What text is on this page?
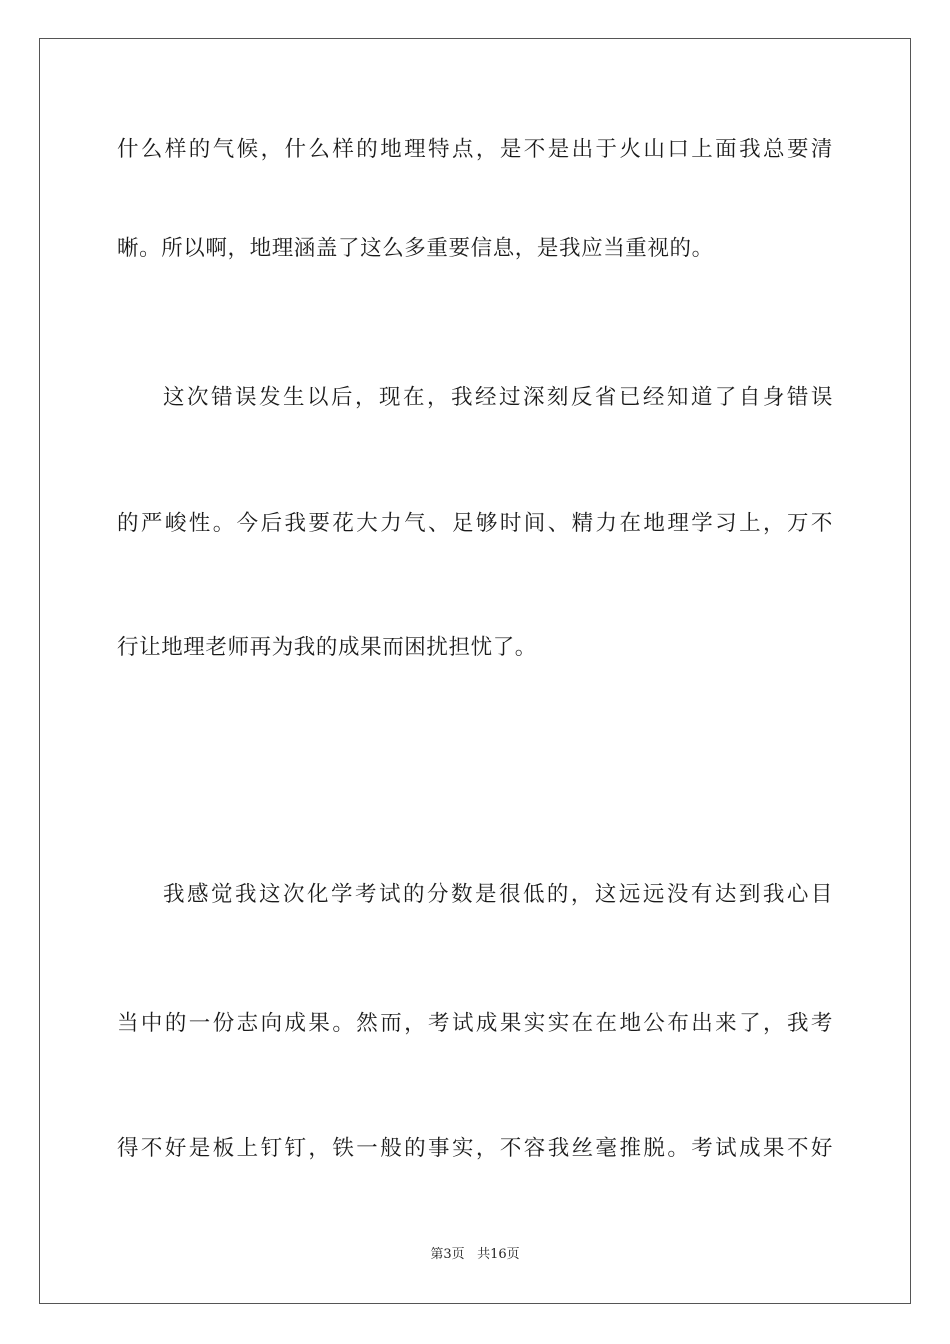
什么样的气候，什么样的地理特点，是不是出于火山口上面我总要清
晰。所以啊，地理涵盖了这么多重要信息，是我应当重视的。
这次错误发生以后，现在，我经过深刻反省已经知道了自身错误
的严峻性。今后我要花大力气、足够时间、精力在地理学习上，万不
行让地理老师再为我的成果而困扰担忧了。
我感觉我这次化学考试的分数是很低的，这远远没有达到我心目
当中的一份志向成果。然而，考试成果实实在在地公布出来了，我考
得不好是板上钉钉，铁一般的事实，不容我丝毫推脱。考试成果不好
第3页 共16页
